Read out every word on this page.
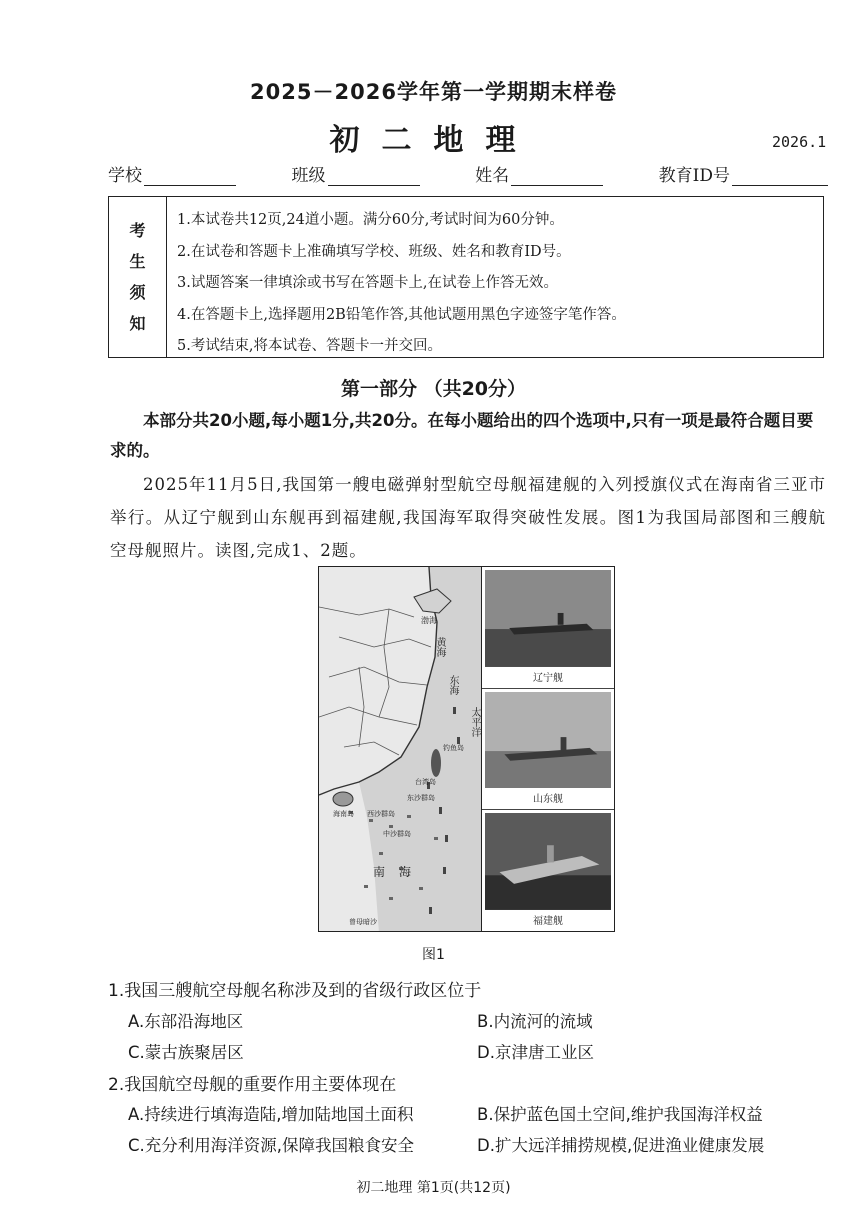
2025－2026学年第一学期期末样卷
初二地理	2026.1
学校	班级	姓名	教育ID号
考
生
须
知
1.本试卷共12页,24道小题。满分60分,考试时间为60分钟。
2.在试卷和答题卡上准确填写学校、班级、姓名和教育ID号。
3.试题答案一律填涂或书写在答题卡上,在试卷上作答无效。
4.在答题卡上,选择题用2B铅笔作答,其他试题用黑色字迹签字笔作答。
5.考试结束,将本试卷、答题卡一并交回。
第一部分 （共20分）
本部分共20小题,每小题1分,共20分。在每小题给出的四个选项中,只有一项是最符合题目要求的。
2025年11月5日,我国第一艘电磁弹射型航空母舰福建舰的入列授旗仪式在海南省三亚市举行。从辽宁舰到山东舰再到福建舰,我国海军取得突破性发展。图1为我国局部图和三艘航空母舰照片。读图,完成1、2题。
黄海
东海
太平洋
渤海
台湾岛
海南岛
钓鱼岛
东沙群岛
西沙群岛
中沙群岛
南海
曾母暗沙
辽宁舰
山东舰
福建舰
图1
1.我国三艘航空母舰名称涉及到的省级行政区位于
A.东部沿海地区	B.内流河的流域
C.蒙古族聚居区	D.京津唐工业区
2.我国航空母舰的重要作用主要体现在
A.持续进行填海造陆,增加陆地国土面积	B.保护蓝色国土空间,维护我国海洋权益
C.充分利用海洋资源,保障我国粮食安全	D.扩大远洋捕捞规模,促进渔业健康发展
初二地理 第1页(共12页)
